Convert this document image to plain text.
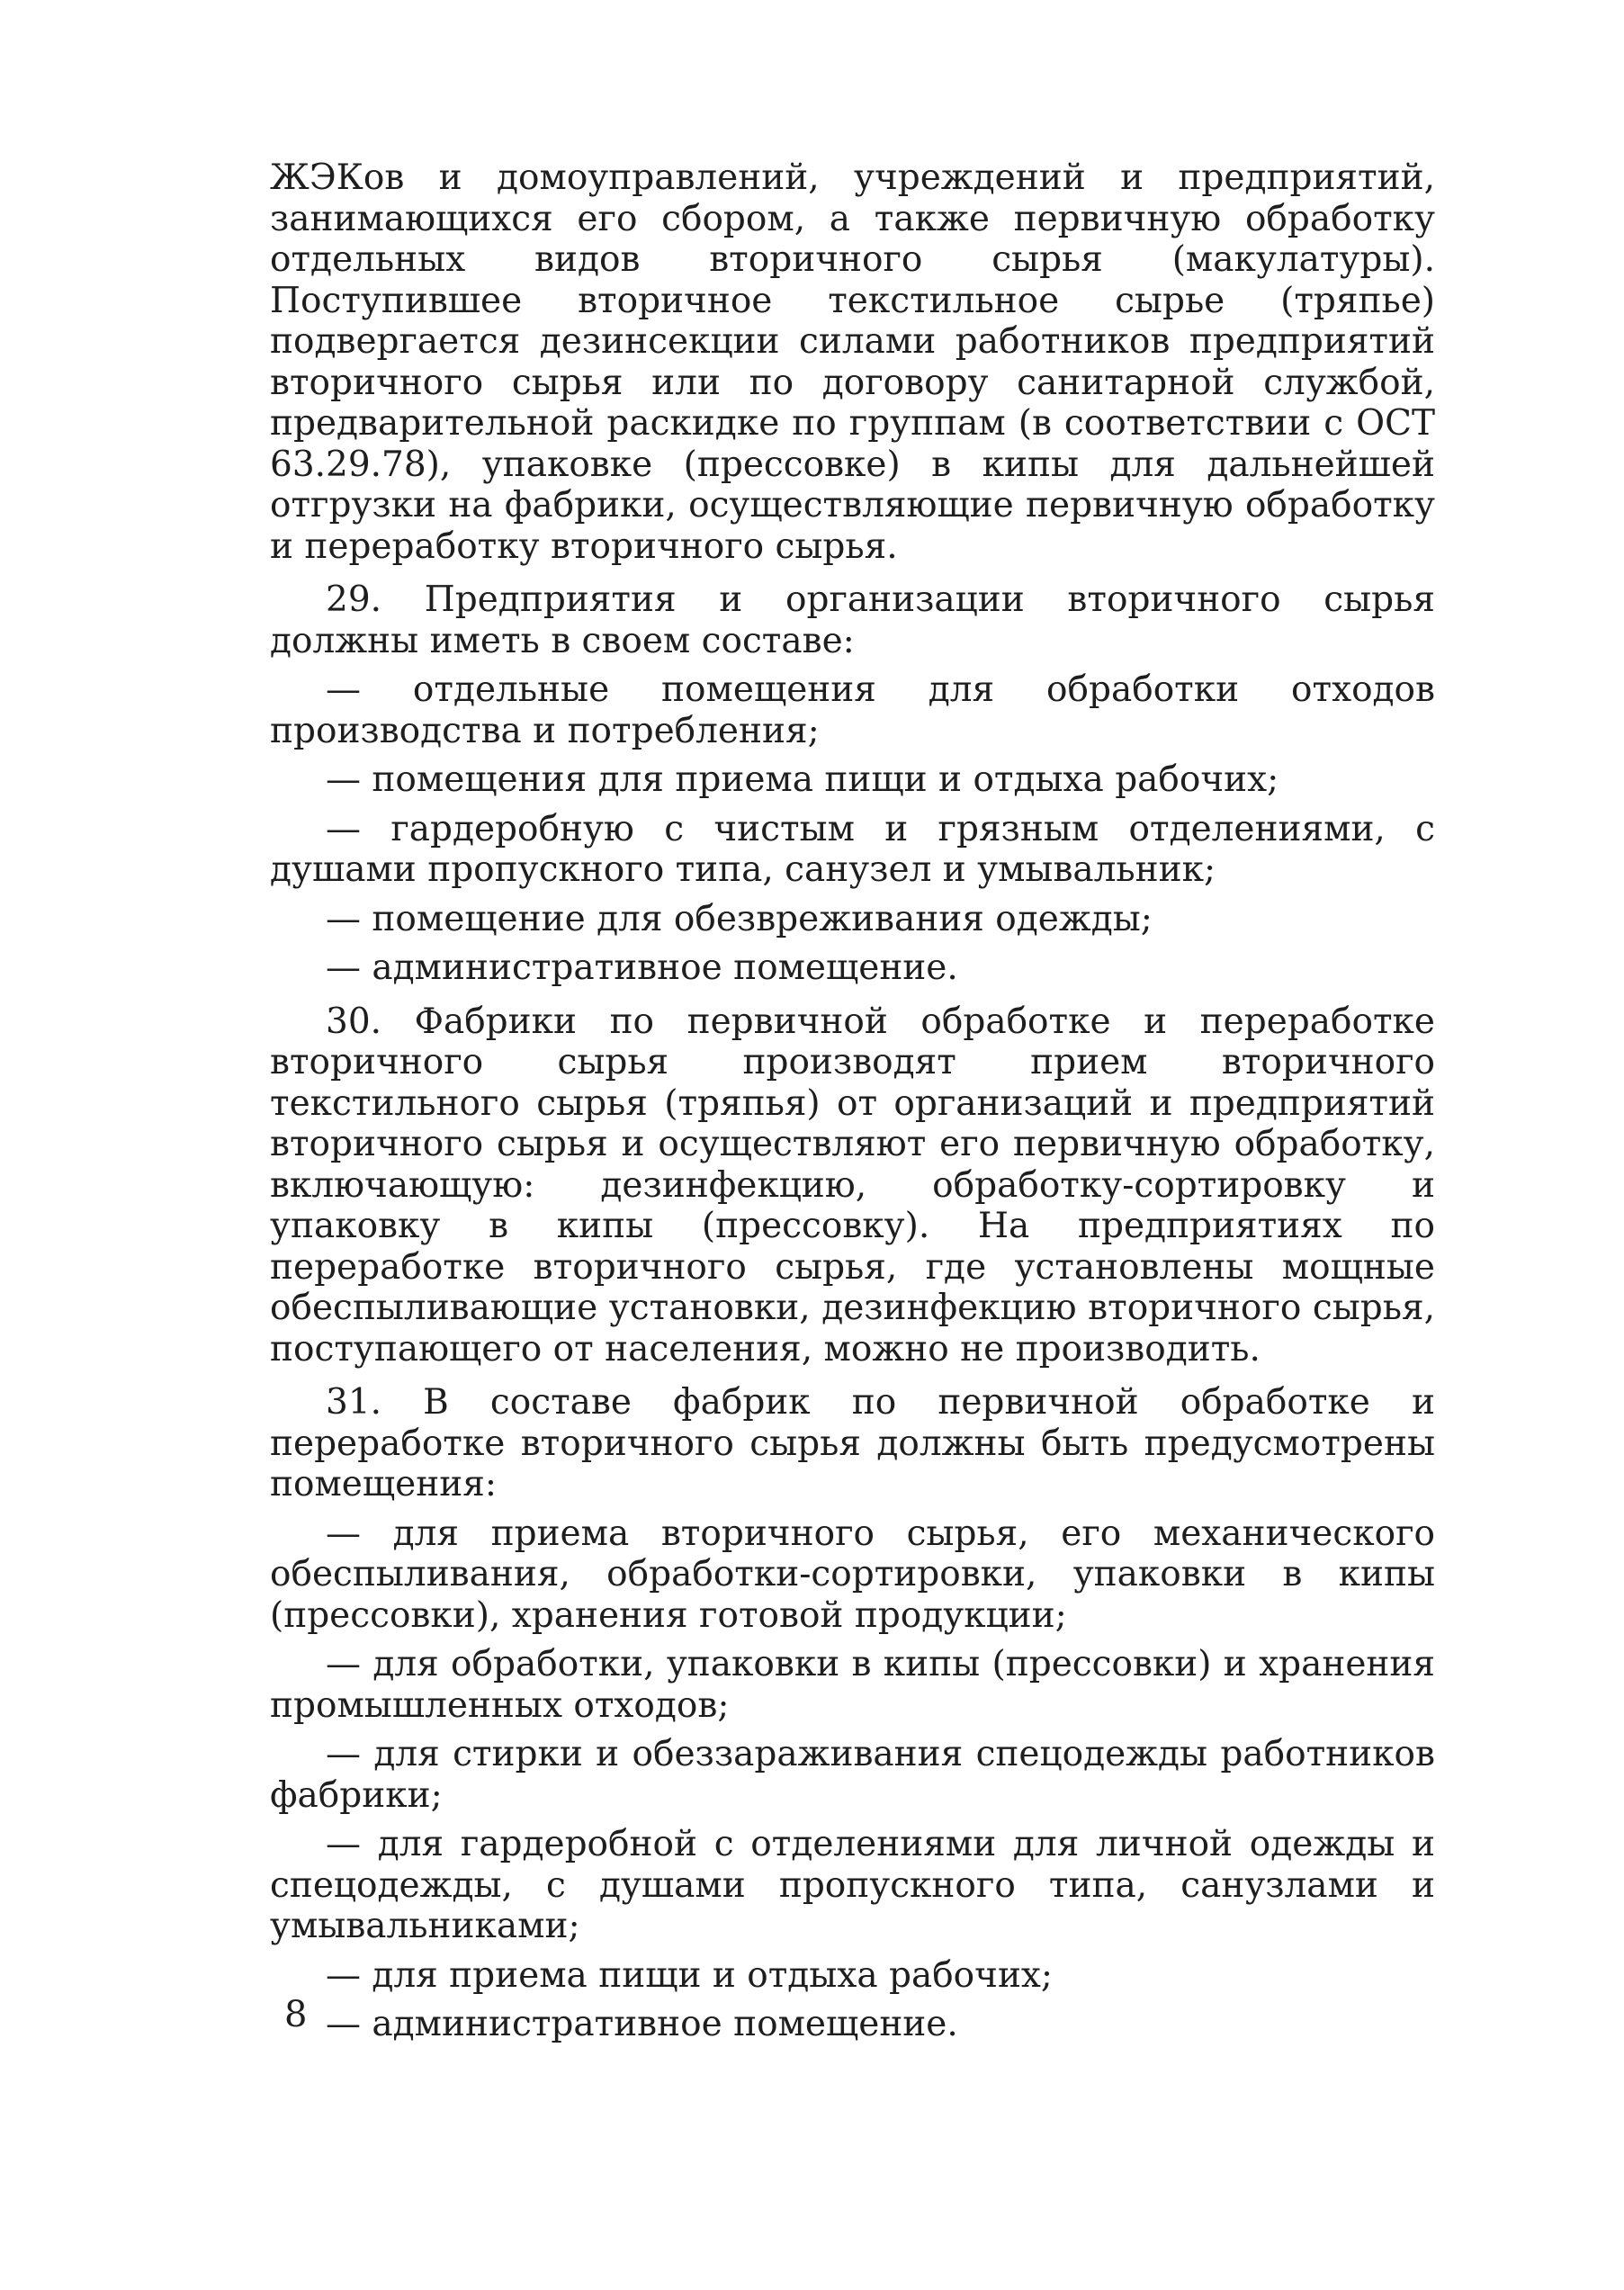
ЖЭКов и домоуправлений, учреждений и предприятий, занимающихся его сбором, а также первичную обработку отдельных видов вторичного сырья (макулатуры). Поступившее вторичное текстильное сырье (тряпье) подвергается дезинсекции силами работников предприятий вторичного сырья или по договору санитарной службой, предварительной раскидке по группам (в соответствии с ОСТ 63.29.78), упаковке (прессовке) в кипы для дальнейшей отгрузки на фабрики, осуществляющие первичную обработку и переработку вторичного сырья.

29. Предприятия и организации вторичного сырья должны иметь в своем составе:

— отдельные помещения для обработки отходов производства и потребления;

— помещения для приема пищи и отдыха рабочих;

— гардеробную с чистым и грязным отделениями, с душами пропускного типа, санузел и умывальник;

— помещение для обезвреживания одежды;

— административное помещение.

30. Фабрики по первичной обработке и переработке вторичного сырья производят прием вторичного текстильного сырья (тряпья) от организаций и предприятий вторичного сырья и осуществляют его первичную обработку, включающую: дезинфекцию, обработку-сортировку и упаковку в кипы (прессовку). На предприятиях по переработке вторичного сырья, где установлены мощные обеспыливающие установки, дезинфекцию вторичного сырья, поступающего от населения, можно не производить.

31. В составе фабрик по первичной обработке и переработке вторичного сырья должны быть предусмотрены помещения:

— для приема вторичного сырья, его механического обеспыливания, обработки-сортировки, упаковки в кипы (прессовки), хранения готовой продукции;

— для обработки, упаковки в кипы (прессовки) и хранения промышленных отходов;

— для стирки и обеззараживания спецодежды работников фабрики;

— для гардеробной с отделениями для личной одежды и спецодежды, с душами пропускного типа, санузлами и умывальниками;

— для приема пищи и отдыха рабочих;

— административное помещение.

8
